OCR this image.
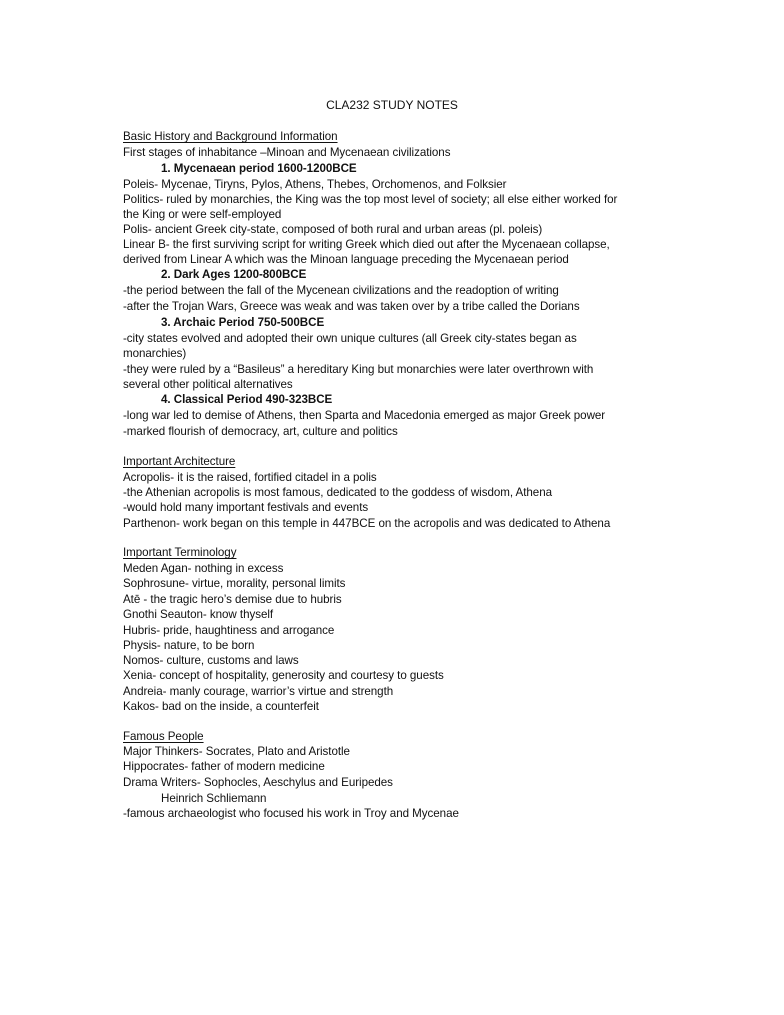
CLA232 STUDY NOTES
Basic History and Background Information
First stages of inhabitance –Minoan and Mycenaean civilizations
1. Mycenaean period 1600-1200BCE
Poleis- Mycenae, Tiryns, Pylos, Athens, Thebes, Orchomenos, and Folksier
Politics- ruled by monarchies, the King was the top most level of society; all else either worked for
the King or were self-employed
Polis- ancient Greek city-state, composed of both rural and urban areas (pl. poleis)
Linear B- the first surviving script for writing Greek which died out after the Mycenaean collapse,
derived from Linear A which was the Minoan language preceding the Mycenaean period
2. Dark Ages 1200-800BCE
-the period between the fall of the Mycenean civilizations and the readoption of writing
-after the Trojan Wars, Greece was weak and was taken over by a tribe called the Dorians
3. Archaic Period 750-500BCE
-city states evolved and adopted their own unique cultures (all Greek city-states began as
monarchies)
-they were ruled by a “Basileus” a hereditary King but monarchies were later overthrown with
several other political alternatives
4. Classical Period 490-323BCE
-long war led to demise of Athens, then Sparta and Macedonia emerged as major Greek power
-marked flourish of democracy, art, culture and politics
Important Architecture
Acropolis- it is the raised, fortified citadel in a polis
-the Athenian acropolis is most famous, dedicated to the goddess of wisdom, Athena
-would hold many important festivals and events
Parthenon- work began on this temple in 447BCE on the acropolis and was dedicated to Athena
Important Terminology
Meden Agan- nothing in excess
Sophrosune- virtue, morality, personal limits
Atē - the tragic hero’s demise due to hubris
Gnothi Seauton- know thyself
Hubris- pride, haughtiness and arrogance
Physis- nature, to be born
Nomos- culture, customs and laws
Xenia- concept of hospitality, generosity and courtesy to guests
Andreia- manly courage, warrior’s virtue and strength
Kakos- bad on the inside, a counterfeit
Famous People
Major Thinkers- Socrates, Plato and Aristotle
Hippocrates- father of modern medicine
Drama Writers- Sophocles, Aeschylus and Euripedes
Heinrich Schliemann
-famous archaeologist who focused his work in Troy and Mycenae
